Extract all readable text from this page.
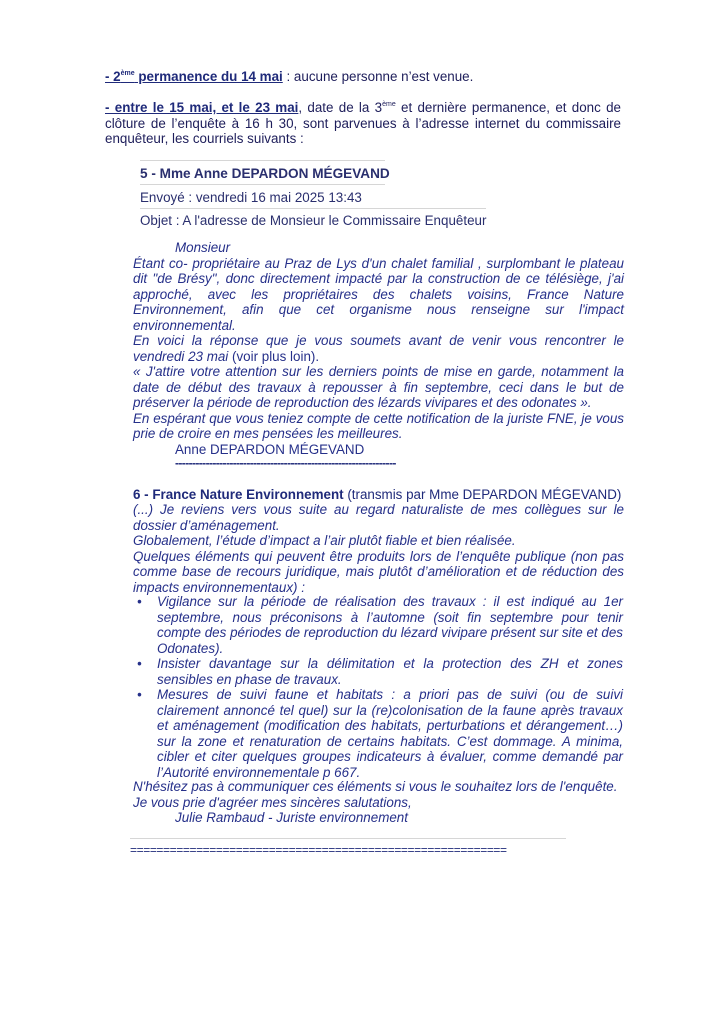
- 2ème permanence du 14 mai : aucune personne n’est venue.
- entre le 15 mai, et le 23 mai, date de la 3ème et dernière permanence, et donc de clôture de l’enquête à 16 h 30, sont parvenues à l’adresse internet du commissaire enquêteur, les courriels suivants :
5 - Mme Anne DEPARDON MÉGEVAND
Envoyé : vendredi 16 mai 2025 13:43
Objet : A l'adresse de Monsieur le Commissaire Enquêteur
Monsieur
Étant co- propriétaire au Praz de Lys d'un chalet familial , surplombant le plateau dit "de Brésy", donc directement impacté par la construction de ce télésiège, j'ai approché, avec les propriétaires des chalets voisins, France Nature Environnement, afin que cet organisme nous renseigne sur l'impact environnemental.
En voici la réponse que je vous soumets avant de venir vous rencontrer le vendredi 23 mai (voir plus loin).
« J'attire votre attention sur les derniers points de mise en garde, notamment la date de début des travaux à repousser à fin septembre, ceci dans le but de préserver la période de reproduction des lézards vivipares et des odonates ».
En espérant que vous teniez compte de cette notification de la juriste FNE, je vous prie de croire en mes pensées les meilleures.
Anne DEPARDON MÉGEVAND
-----------------------------------------------------------------
6 - France Nature Environnement (transmis par Mme DEPARDON MÉGEVAND)
(...) Je reviens vers vous suite au regard naturaliste de mes collègues sur le dossier d’aménagement.
Globalement, l’étude d’impact a l’air plutôt fiable et bien réalisée.
Quelques éléments qui peuvent être produits lors de l’enquête publique (non pas comme base de recours juridique, mais plutôt d’amélioration et de réduction des impacts environnementaux) :
• Vigilance sur la période de réalisation des travaux : il est indiqué au 1er septembre, nous préconisons à l’automne (soit fin septembre pour tenir compte des périodes de reproduction du lézard vivipare présent sur site et des Odonates).
• Insister davantage sur la délimitation et la protection des ZH et zones sensibles en phase de travaux.
• Mesures de suivi faune et habitats : a priori pas de suivi (ou de suivi clairement annoncé tel quel) sur la (re)colonisation de la faune après travaux et aménagement (modification des habitats, perturbations et dérangement…) sur la zone et renaturation de certains habitats. C’est dommage. A minima, cibler et citer quelques groupes indicateurs à évaluer, comme demandé par l’Autorité environnementale p 667.
N'hésitez pas à communiquer ces éléments si vous le souhaitez lors de l'enquête.
Je vous prie d'agréer mes sincères salutations,
Julie Rambaud - Juriste environnement
=========================================================
